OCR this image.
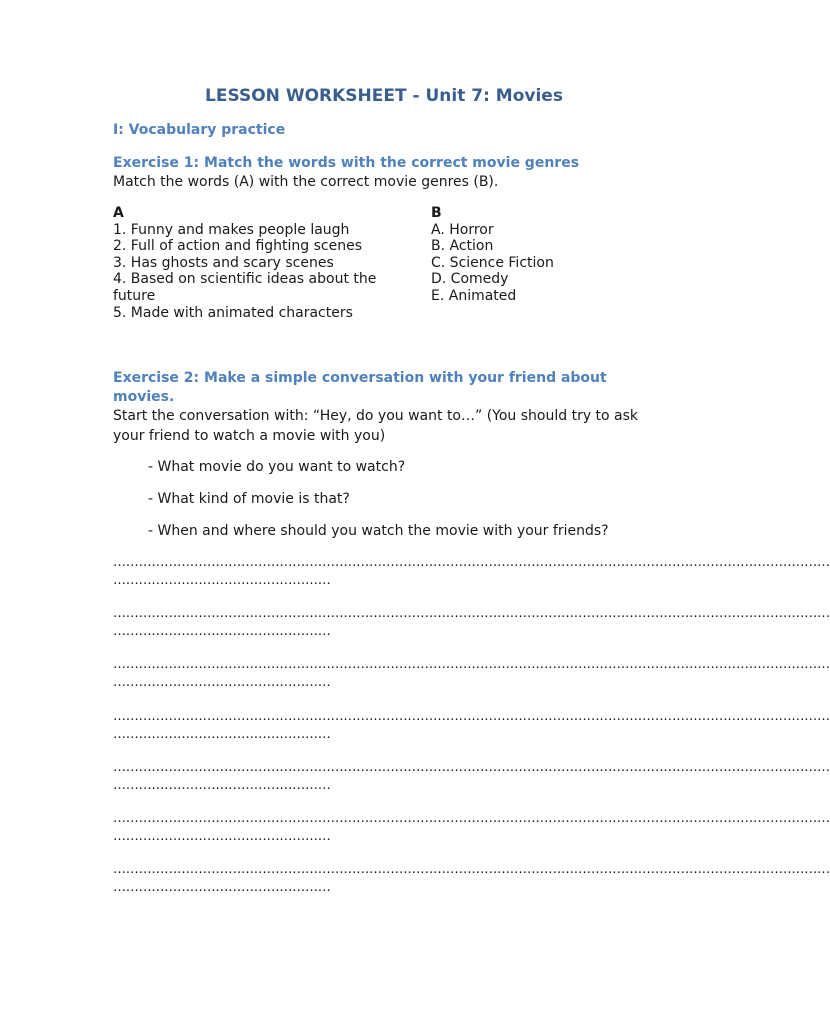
LESSON WORKSHEET - Unit 7: Movies
I: Vocabulary practice
Exercise 1: Match the words with the correct movie genres
Match the words (A) with the correct movie genres (B).
A
1. Funny and makes people laugh
2. Full of action and fighting scenes
3. Has ghosts and scary scenes
4. Based on scientific ideas about the future
5. Made with animated characters
B
A. Horror
B. Action
C. Science Fiction
D. Comedy
E. Animated
Exercise 2: Make a simple conversation with your friend about movies.
Start the conversation with: “Hey, do you want to…” (You should try to ask your friend to watch a movie with you)
- What movie do you want to watch?
- What kind of movie is that?
- When and where should you watch the movie with your friends?
……………………………………………………………………………………………………………………………………………………
……………………………………………
……………………………………………………………………………………………………………………………………………………
……………………………………………
……………………………………………………………………………………………………………………………………………………
……………………………………………
……………………………………………………………………………………………………………………………………………………
……………………………………………
……………………………………………………………………………………………………………………………………………………
……………………………………………
……………………………………………………………………………………………………………………………………………………
……………………………………………
……………………………………………………………………………………………………………………………………………………
……………………………………………
